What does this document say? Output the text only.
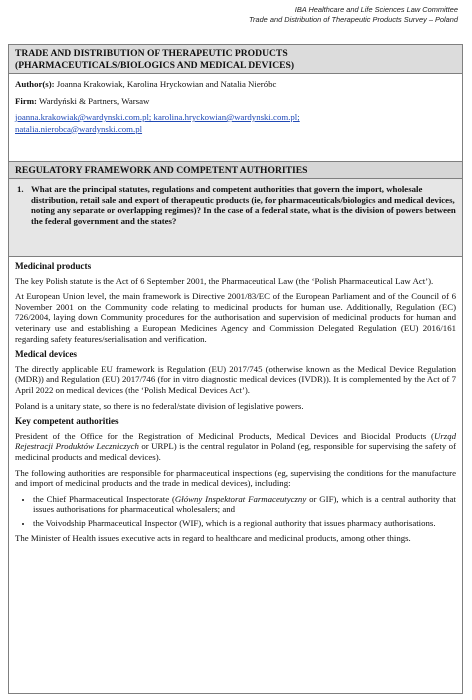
IBA Healthcare and Life Sciences Law Committee
Trade and Distribution of Therapeutic Products Survey – Poland
TRADE AND DISTRIBUTION OF THERAPEUTIC PRODUCTS
(PHARMACEUTICALS/BIOLOGICS AND MEDICAL DEVICES)

Author(s): Joanna Krakowiak, Karolina Hryckowian and Natalia Nieróbc

Firm: Wardyński & Partners, Warsaw

joanna.krakowiak@wardynski.com.pl; karolina.hryckowian@wardynski.com.pl;
natalia.nierobca@wardynski.com.pl

REGULATORY FRAMEWORK AND COMPETENT AUTHORITIES
1. What are the principal statutes, regulations and competent authorities that govern the import, wholesale distribution, retail sale and export of therapeutic products (ie, for pharmaceuticals/biologics and medical devices, noting any separate or overlapping regimes)? In the case of a federal state, what is the division of powers between the federal government and the states?
Medicinal products

The key Polish statute is the Act of 6 September 2001, the Pharmaceutical Law (the ‘Polish Pharmaceutical Law Act’).

At European Union level, the main framework is Directive 2001/83/EC of the European Parliament and of the Council of 6 November 2001 on the Community code relating to medicinal products for human use. Additionally, Regulation (EC) 726/2004, laying down Community procedures for the authorisation and supervision of medicinal products for human and veterinary use and establishing a European Medicines Agency and Commission Delegated Regulation (EU) 2016/161 regarding safety features/serialisation and verification.

Medical devices

The directly applicable EU framework is Regulation (EU) 2017/745 (otherwise known as the Medical Device Regulation (MDR)) and Regulation (EU) 2017/746 (for in vitro diagnostic medical devices (IVDR)). It is complemented by the Act of 7 April 2022 on medical devices (the ‘Polish Medical Devices Act’).

Poland is a unitary state, so there is no federal/state division of legislative powers.

Key competent authorities

President of the Office for the Registration of Medicinal Products, Medical Devices and Biocidal Products (Urząd Rejestracji Produktów Leczniczych or URPL) is the central regulator in Poland (eg, responsible for supervising the safety of medicinal products and medical devices).

The following authorities are responsible for pharmaceutical inspections (eg, supervising the conditions for the manufacture and import of medicinal products and the trade in medical devices), including:

• the Chief Pharmaceutical Inspectorate (Główny Inspektorat Farmaceutyczny or GIF), which is a central authority that issues authorisations for pharmaceutical wholesalers; and
• the Voivodship Pharmaceutical Inspector (WIF), which is a regional authority that issues pharmacy authorisations.

The Minister of Health issues executive acts in regard to healthcare and medicinal products, among other things.
